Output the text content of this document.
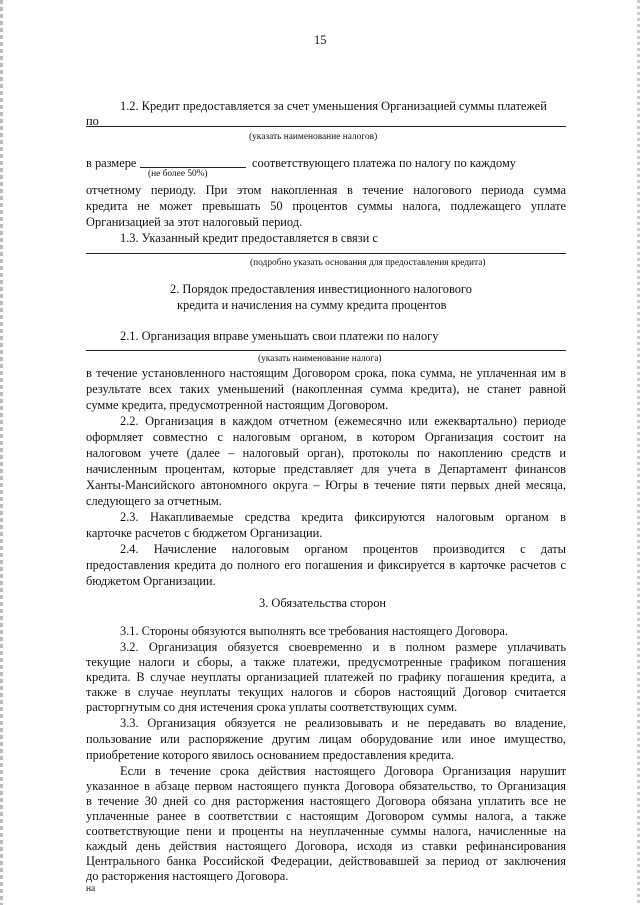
15
1.2. Кредит предоставляется за счет уменьшения Организацией суммы платежей
по
(указать наименование налогов)
в размере	соответствующего платежа по налогу по каждому
(не более 50%)
отчетному периоду. При этом накопленная в течение налогового периода сумма
кредита не может превышать 50 процентов суммы налога, подлежащего уплате
Организацией за этот налоговый период.
1.3. Указанный кредит предоставляется в связи с
(подробно указать основания для предоставления кредита)
2. Порядок предоставления инвестиционного налогового
кредита и начисления на сумму кредита процентов
2.1. Организация вправе уменьшать свои платежи по налогу
(указать наименование налога)
в течение установленного настоящим Договором срока, пока сумма, не уплаченная им в
результате всех таких уменьшений (накопленная сумма кредита), не станет равной
сумме кредита, предусмотренной настоящим Договором.
2.2. Организация в каждом отчетном (ежемесячно или ежеквартально) периоде
оформляет совместно с налоговым органом, в котором Организация состоит на
налоговом учете (далее – налоговый орган), протоколы по накоплению средств и
начисленным процентам, которые представляет для учета в Департамент финансов
Ханты-Мансийского автономного округа – Югры в течение пяти первых дней месяца,
следующего за отчетным.
2.3. Накапливаемые средства кредита фиксируются налоговым органом в
карточке расчетов с бюджетом Организации.
2.4. Начисление налоговым органом процентов производится с даты
предоставления кредита до полного его погашения и фиксируется в карточке расчетов с
бюджетом Организации.
3. Обязательства сторон
3.1. Стороны обязуются выполнять все требования настоящего Договора.
3.2. Организация обязуется своевременно и в полном размере уплачивать
текущие налоги и сборы, а также платежи, предусмотренные графиком погашения
кредита. В случае неуплаты организацией платежей по графику погашения кредита, а
также в случае неуплаты текущих налогов и сборов настоящий Договор считается
расторгнутым со дня истечения срока уплаты соответствующих сумм.
3.3. Организация обязуется не реализовывать и не передавать во владение,
пользование или распоряжение другим лицам оборудование или иное имущество,
приобретение которого явилось основанием предоставления кредита.
Если в течение срока действия настоящего Договора Организация нарушит
указанное в абзаце первом настоящего пункта Договора обязательство, то Организация
в течение 30 дней со дня расторжения настоящего Договора обязана уплатить все не
уплаченные ранее в соответствии с настоящим Договором суммы налога, а также
соответствующие пени и проценты на неуплаченные суммы налога, начисленные на
каждый день действия настоящего Договора, исходя из ставки рефинансирования
Центрального банка Российской Федерации, действовавшей за период от заключения
до расторжения настоящего Договора.
на
